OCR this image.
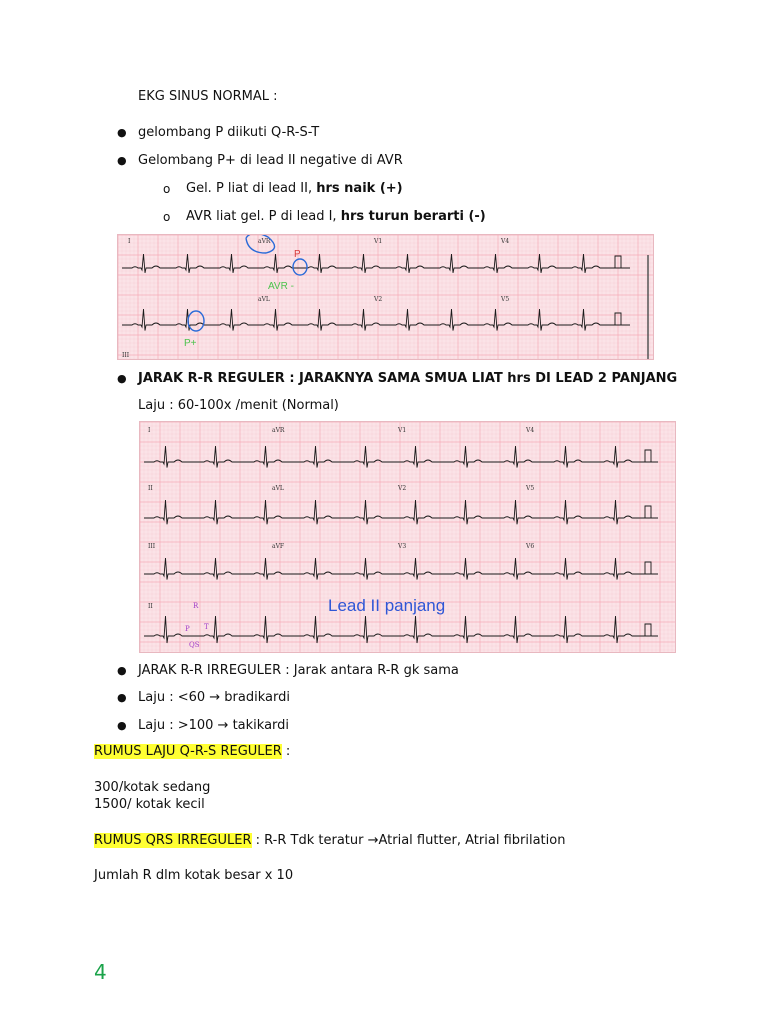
EKG SINUS NORMAL :
● gelombang P diikuti Q-R-S-T
● Gelombang P+ di lead II negative di AVR
o Gel. P liat di lead II, hrs naik (+)
o AVR liat gel. P di lead I, hrs turun berarti (-)
I	aVR	V1	V4
aVL	V2	V5
III
P
AVR -
P+
● JARAK R-R REGULER : JARAKNYA SAMA SMUA LIAT hrs DI LEAD 2 PANJANG
Laju : 60-100x /menit (Normal)
I	aVR	V1	V4
II	aVL	V2	V5
III	aVF	V3	V6
II	Lead II panjang
R
P T
QS
● JARAK R-R IRREGULER : Jarak antara R-R gk sama
● Laju : <60 → bradikardi
● Laju : >100 → takikardi
RUMUS LAJU Q-R-S REGULER :
300/kotak sedang
1500/ kotak kecil
RUMUS QRS IRREGULER : R-R Tdk teratur →Atrial flutter, Atrial fibrilation
Jumlah R dlm kotak besar x 10
4
